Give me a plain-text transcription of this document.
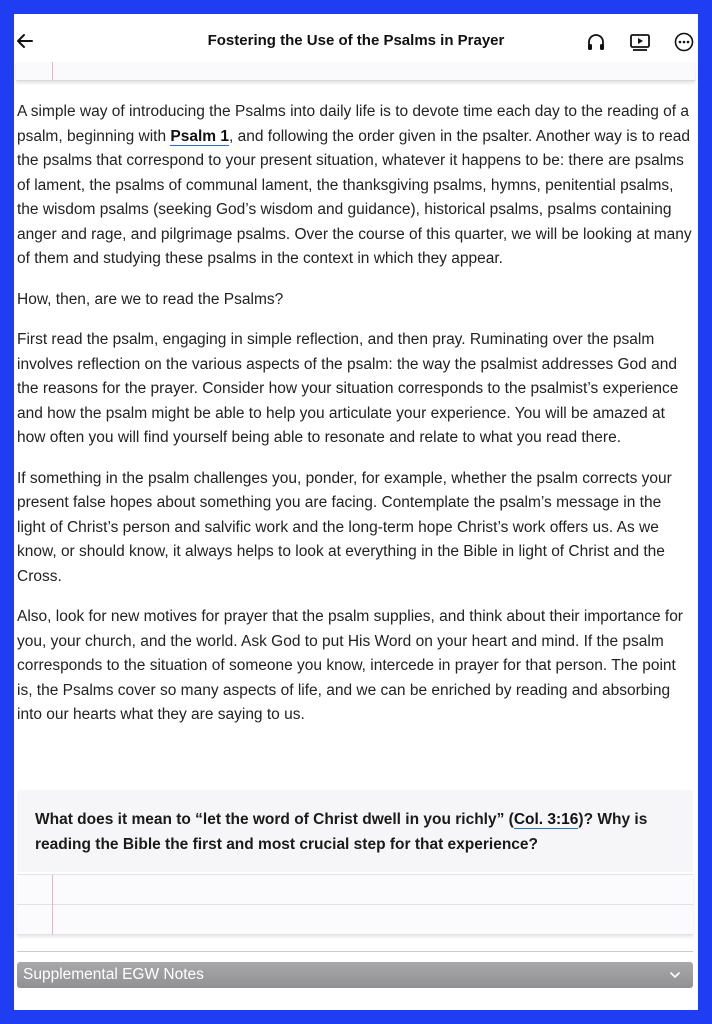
Fostering the Use of the Psalms in Prayer

A simple way of introducing the Psalms into daily life is to devote time each day to the reading of a psalm, beginning with Psalm 1, and following the order given in the psalter. Another way is to read the psalms that correspond to your present situation, whatever it happens to be: there are psalms of lament, the psalms of communal lament, the thanksgiving psalms, hymns, penitential psalms, the wisdom psalms (seeking God’s wisdom and guidance), historical psalms, psalms containing anger and rage, and pilgrimage psalms. Over the course of this quarter, we will be looking at many of them and studying these psalms in the context in which they appear.

How, then, are we to read the Psalms?

First read the psalm, engaging in simple reflection, and then pray. Ruminating over the psalm involves reflection on the various aspects of the psalm: the way the psalmist addresses God and the reasons for the prayer. Consider how your situation corresponds to the psalmist’s experience and how the psalm might be able to help you articulate your experience. You will be amazed at how often you will find yourself being able to resonate and relate to what you read there.

If something in the psalm challenges you, ponder, for example, whether the psalm corrects your present false hopes about something you are facing. Contemplate the psalm’s message in the light of Christ’s person and salvific work and the long-term hope Christ’s work offers us. As we know, or should know, it always helps to look at everything in the Bible in light of Christ and the Cross.

Also, look for new motives for prayer that the psalm supplies, and think about their importance for you, your church, and the world. Ask God to put His Word on your heart and mind. If the psalm corresponds to the situation of someone you know, intercede in prayer for that person. The point is, the Psalms cover so many aspects of life, and we can be enriched by reading and absorbing into our hearts what they are saying to us.

What does it mean to “let the word of Christ dwell in you richly” (Col. 3:16)? Why is reading the Bible the first and most crucial step for that experience?
Supplemental EGW Notes
